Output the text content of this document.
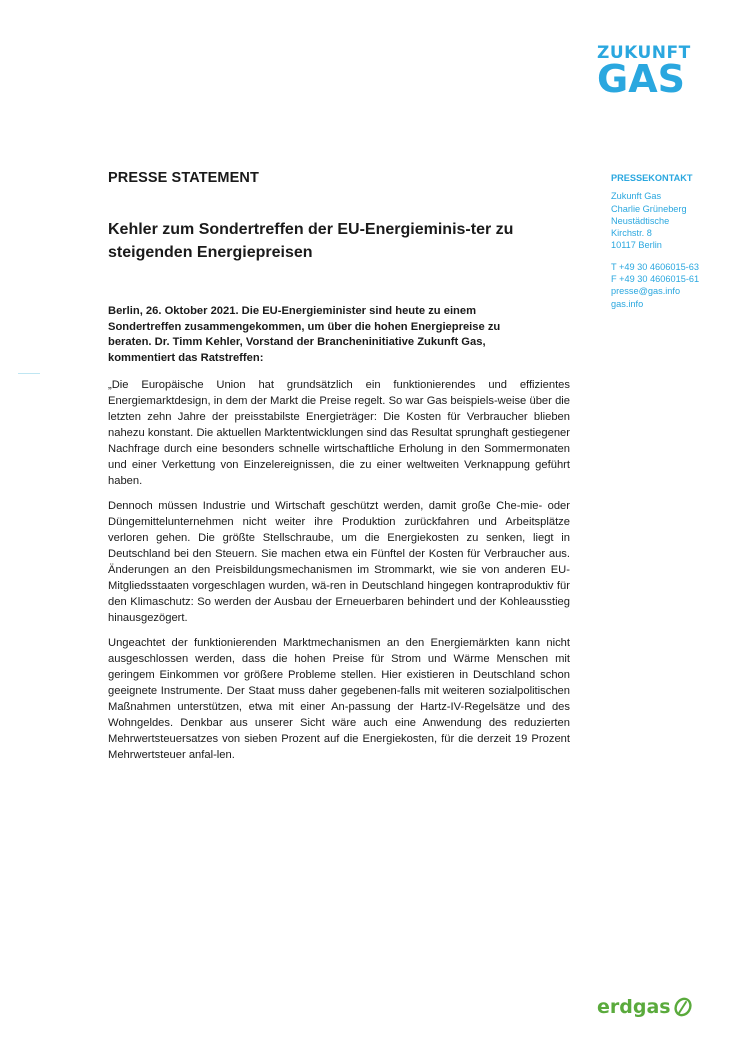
ZUKUNFT
GAS
PRESSE STATEMENT
Kehler zum Sondertreffen der EU-Energieminis-ter zu steigenden Energiepreisen
PRESSEKONTAKT
Zukunft Gas
Charlie Grüneberg
Neustädtische
Kirchstr. 8
10117 Berlin
T +49 30 4606015-63
F +49 30 4606015-61
presse@gas.info
gas.info
Berlin, 26. Oktober 2021. Die EU-Energieminister sind heute zu einem Sondertreffen zusammengekommen, um über die hohen Energiepreise zu beraten. Dr. Timm Kehler, Vorstand der Brancheninitiative Zukunft Gas, kommentiert das Ratstreffen:

„Die Europäische Union hat grundsätzlich ein funktionierendes und effizientes Energiemarktdesign, in dem der Markt die Preise regelt. So war Gas beispiels-weise über die letzten zehn Jahre der preisstabilste Energieträger: Die Kosten für Verbraucher blieben nahezu konstant. Die aktuellen Marktentwicklungen sind das Resultat sprunghaft gestiegener Nachfrage durch eine besonders schnelle wirtschaftliche Erholung in den Sommermonaten und einer Verkettung von Einzelereignissen, die zu einer weltweiten Verknappung geführt haben.

Dennoch müssen Industrie und Wirtschaft geschützt werden, damit große Che-mie- oder Düngemittelunternehmen nicht weiter ihre Produktion zurückfahren und Arbeitsplätze verloren gehen. Die größte Stellschraube, um die Energiekosten zu senken, liegt in Deutschland bei den Steuern. Sie machen etwa ein Fünftel der Kosten für Verbraucher aus. Änderungen an den Preisbildungsmechanismen im Strommarkt, wie sie von anderen EU-Mitgliedsstaaten vorgeschlagen wurden, wä-ren in Deutschland hingegen kontraproduktiv für den Klimaschutz: So werden der Ausbau der Erneuerbaren behindert und der Kohleausstieg hinausgezögert.

Ungeachtet der funktionierenden Marktmechanismen an den Energiemärkten kann nicht ausgeschlossen werden, dass die hohen Preise für Strom und Wärme Menschen mit geringem Einkommen vor größere Probleme stellen. Hier existieren in Deutschland schon geeignete Instrumente. Der Staat muss daher gegebenen-falls mit weiteren sozialpolitischen Maßnahmen unterstützen, etwa mit einer An-passung der Hartz-IV-Regelsätze und des Wohngeldes. Denkbar aus unserer Sicht wäre auch eine Anwendung des reduzierten Mehrwertsteuersatzes von sieben Prozent auf die Energiekosten, für die derzeit 19 Prozent Mehrwertsteuer anfal-len.

erdgas
